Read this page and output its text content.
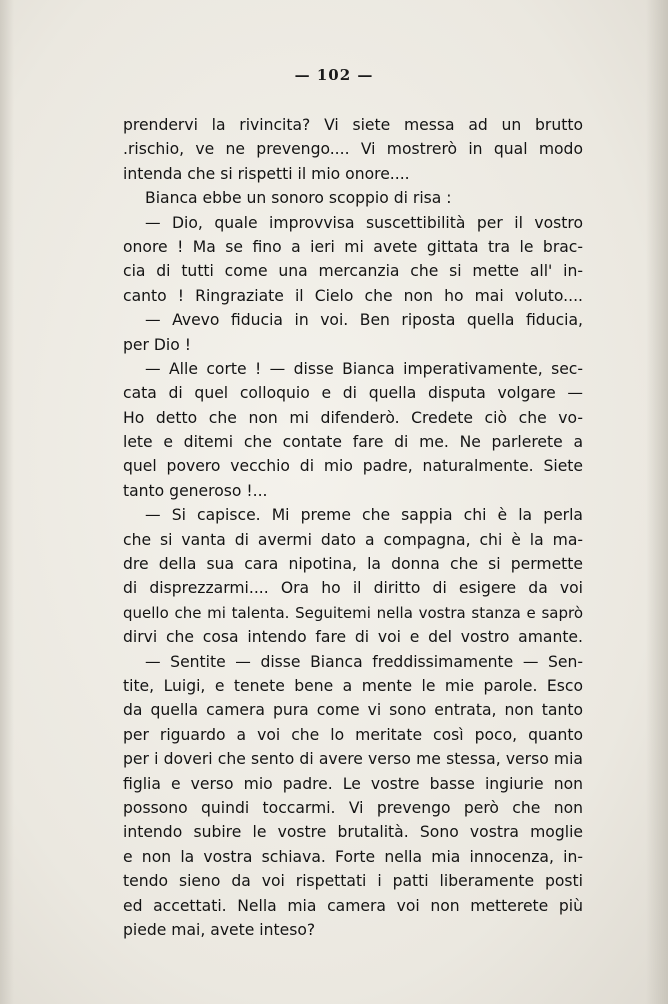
— 102 —
prendervi la rivincita? Vi siete messa ad un brutto
.rischio, ve ne prevengo.... Vi mostrerò in qual modo
intenda che si rispetti il mio onore....
Bianca ebbe un sonoro scoppio di risa :
— Dio, quale improvvisa suscettibilità per il vostro
onore ! Ma se fino a ieri mi avete gittata tra le brac-
cia di tutti come una mercanzia che si mette all' in-
canto ! Ringraziate il Cielo che non ho mai voluto....
— Avevo fiducia in voi. Ben riposta quella fiducia,
per Dio !
— Alle corte ! — disse Bianca imperativamente, sec-
cata di quel colloquio e di quella disputa volgare —
Ho detto che non mi difenderò. Credete ciò che vo-
lete e ditemi che contate fare di me. Ne parlerete a
quel povero vecchio di mio padre, naturalmente. Siete
tanto generoso !...
— Si capisce. Mi preme che sappia chi è la perla
che si vanta di avermi dato a compagna, chi è la ma-
dre della sua cara nipotina, la donna che si permette
di disprezzarmi.... Ora ho il diritto di esigere da voi
quello che mi talenta. Seguitemi nella vostra stanza e saprò
dirvi che cosa intendo fare di voi e del vostro amante.
— Sentite — disse Bianca freddissimamente — Sen-
tite, Luigi, e tenete bene a mente le mie parole. Esco
da quella camera pura come vi sono entrata, non tanto
per riguardo a voi che lo meritate così poco, quanto
per i doveri che sento di avere verso me stessa, verso mia
figlia e verso mio padre. Le vostre basse ingiurie non
possono quindi toccarmi. Vi prevengo però che non
intendo subire le vostre brutalità. Sono vostra moglie
e non la vostra schiava. Forte nella mia innocenza, in-
tendo sieno da voi rispettati i patti liberamente posti
ed accettati. Nella mia camera voi non metterete più
piede mai, avete inteso?
